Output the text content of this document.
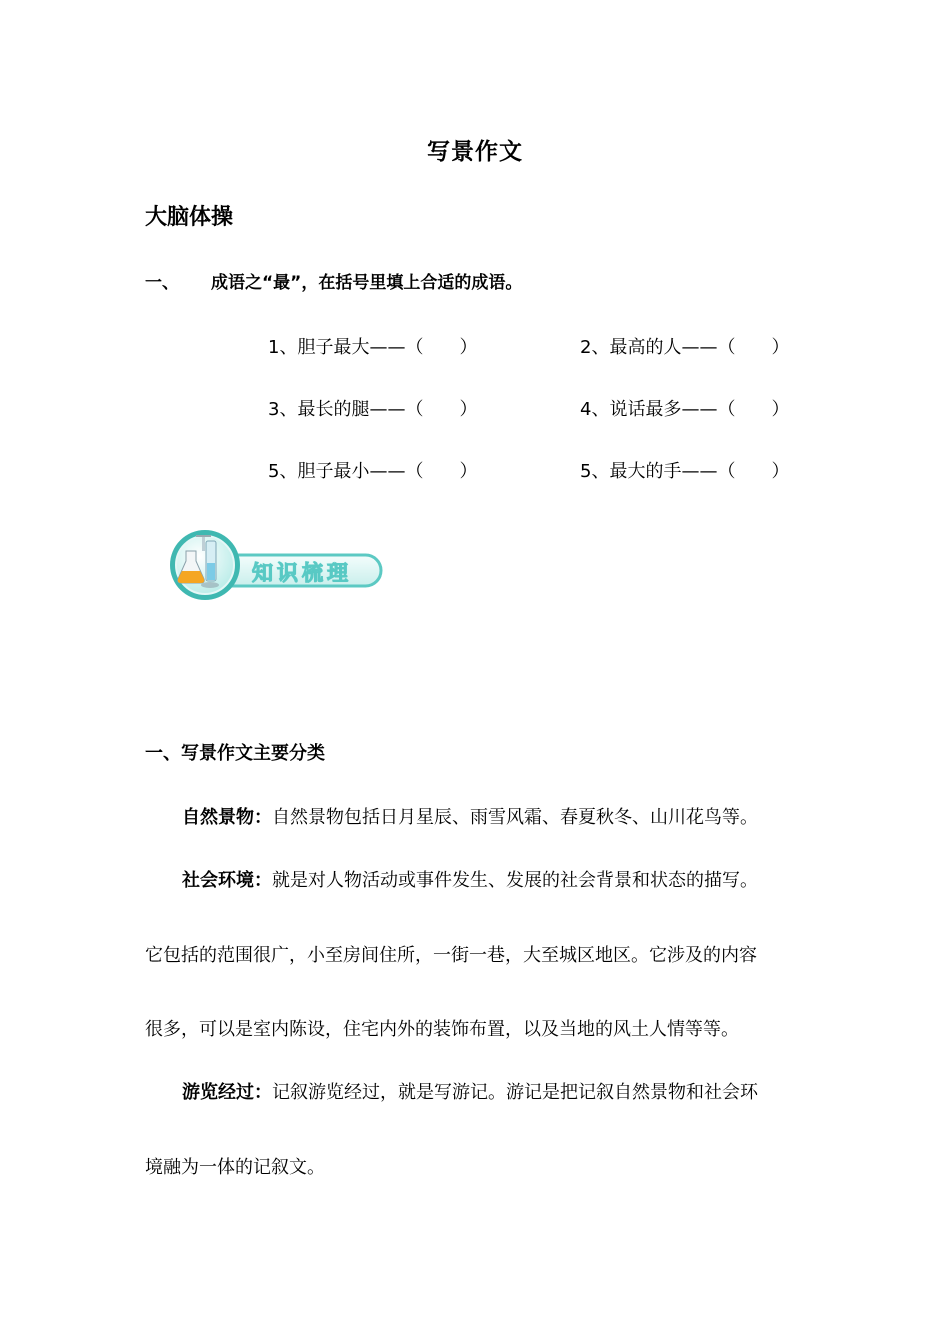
写景作文
大脑体操
一、 成语之“最”，在括号里填上合适的成语。
1、胆子最大——（　　）	2、最高的人——（　　）
3、最长的腿——（　　）	4、说话最多——（　　）
5、胆子最小——（　　）	5、最大的手——（　　）
知识梳理
一、写景作文主要分类
自然景物：自然景物包括日月星辰、雨雪风霜、春夏秋冬、山川花鸟等。
社会环境：就是对人物活动或事件发生、发展的社会背景和状态的描写。
它包括的范围很广，小至房间住所，一街一巷，大至城区地区。它涉及的内容
很多，可以是室内陈设，住宅内外的装饰布置，以及当地的风土人情等等。
游览经过：记叙游览经过，就是写游记。游记是把记叙自然景物和社会环
境融为一体的记叙文。
